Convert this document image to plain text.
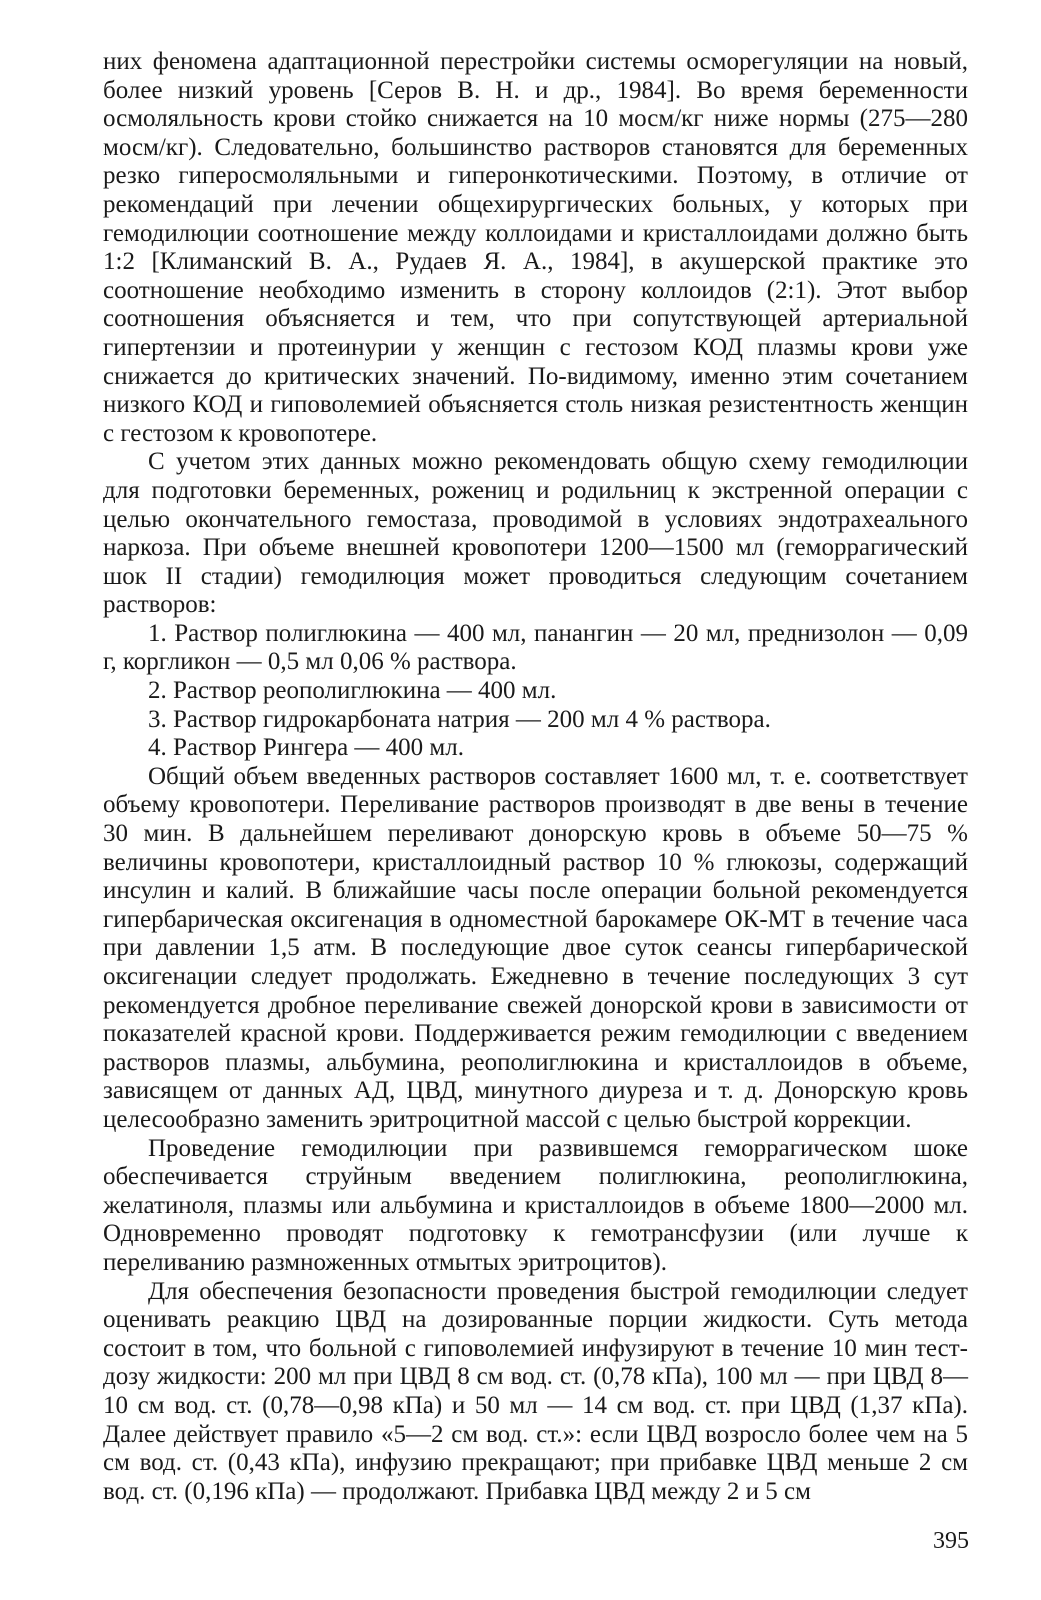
них феномена адаптационной перестройки системы осморегуляции на новый, более низкий уровень [Серов В. Н. и др., 1984]. Во время беременности осмоляльность крови стойко снижается на 10 мосм/кг ниже нормы (275—280 мосм/кг). Следовательно, большинство растворов становятся для беременных резко гиперосмоляльными и гиперонкотическими. Поэтому, в отличие от рекомендаций при лечении общехирургических больных, у которых при гемодилюции соотношение между коллоидами и кристаллоидами должно быть 1:2 [Климанский В. А., Рудаев Я. А., 1984], в акушерской практике это соотношение необходимо изменить в сторону коллоидов (2:1). Этот выбор соотношения объясняется и тем, что при сопутствующей артериальной гипертензии и протеинурии у женщин с гестозом КОД плазмы крови уже снижается до критических значений. По-видимому, именно этим сочетанием низкого КОД и гиповолемией объясняется столь низкая резистентность женщин с гестозом к кровопотере.

С учетом этих данных можно рекомендовать общую схему гемодилюции для подготовки беременных, рожениц и родильниц к экстренной операции с целью окончательного гемостаза, проводимой в условиях эндотрахеального наркоза. При объеме внешней кровопотери 1200—1500 мл (геморрагический шок II стадии) гемодилюция может проводиться следующим сочетанием растворов:

1. Раствор полиглюкина — 400 мл, панангин — 20 мл, преднизолон — 0,09 г, коргликон — 0,5 мл 0,06 % раствора.

2. Раствор реополиглюкина — 400 мл.

3. Раствор гидрокарбоната натрия — 200 мл 4 % раствора.

4. Раствор Рингера — 400 мл.

Общий объем введенных растворов составляет 1600 мл, т. е. соответствует объему кровопотери. Переливание растворов производят в две вены в течение 30 мин. В дальнейшем переливают донорскую кровь в объеме 50—75 % величины кровопотери, кристаллоидный раствор 10 % глюкозы, содержащий инсулин и калий. В ближайшие часы после операции больной рекомендуется гипербарическая оксигенация в одноместной барокамере ОК-МТ в течение часа при давлении 1,5 атм. В последующие двое суток сеансы гипербарической оксигенации следует продолжать. Ежедневно в течение последующих 3 сут рекомендуется дробное переливание свежей донорской крови в зависимости от показателей красной крови. Поддерживается режим гемодилюции с введением растворов плазмы, альбумина, реополиглюкина и кристаллоидов в объеме, зависящем от данных АД, ЦВД, минутного диуреза и т. д. Донорскую кровь целесообразно заменить эритроцитной массой с целью быстрой коррекции.

Проведение гемодилюции при развившемся геморрагическом шоке обеспечивается струйным введением полиглюкина, реополиглюкина, желатиноля, плазмы или альбумина и кристаллоидов в объеме 1800—2000 мл. Одновременно проводят подготовку к гемотрансфузии (или лучше к переливанию размноженных отмытых эритроцитов).

Для обеспечения безопасности проведения быстрой гемодилюции следует оценивать реакцию ЦВД на дозированные порции жидкости. Суть метода состоит в том, что больной с гиповолемией инфузируют в течение 10 мин тест-дозу жидкости: 200 мл при ЦВД 8 см вод. ст. (0,78 кПа), 100 мл — при ЦВД 8—10 см вод. ст. (0,78—0,98 кПа) и 50 мл — 14 см вод. ст. при ЦВД (1,37 кПа). Далее действует правило «5—2 см вод. ст.»: если ЦВД возросло более чем на 5 см вод. ст. (0,43 кПа), инфузию прекращают; при прибавке ЦВД меньше 2 см вод. ст. (0,196 кПа) — продолжают. Прибавка ЦВД между 2 и 5 см

395
